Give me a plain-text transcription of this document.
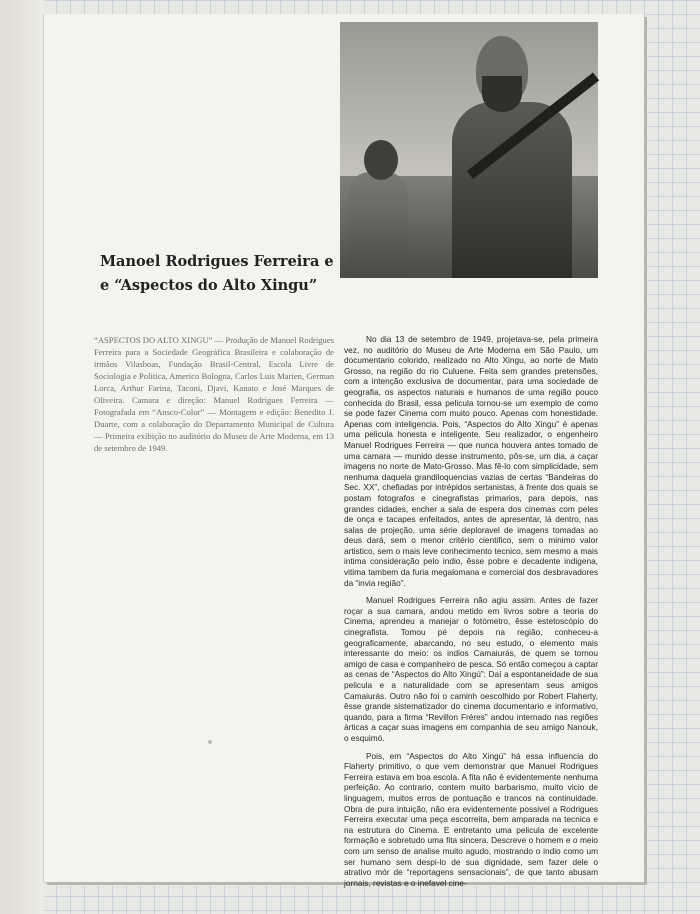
Manoel Rodrigues Ferreira e
e “Aspectos do Alto Xingu”
“ASPECTOS DO ALTO XINGU” — Produção de Manoel Rodrigues Ferreira para a Sociedade Geográfica Brasileira e colaboração de irmãos Vilasboas, Fundação Brasil-Central, Escola Livre de Sociologia e Politica, Americo Bologna, Carlos Luis Marien, German Lorca, Arthur Farina, Taconi, Djavi, Kanato e José Marques de Oliveira. Camara e direção: Manuel Rodrigues Ferreira — Fotografada em “Ansco-Color” — Montagem e edição: Benedito J. Duarte, com a colaboração do Departamento Municipal de Cultura — Primeira exibição no auditório do Museu de Arte Moderna, em 13 de setembro de 1949.

No dia 13 de setembro de 1949, projetava-se, pela primeira vez, no auditório do Museu de Arte Moderna em São Paulo, um documentario colorido, realizado no Alto Xingu, ao norte de Mato Grosso, na região do rio Culuene. Feita sem grandes pretensões, com a intenção exclusiva de documentar, para uma sociedade de geografia, os aspectos naturais e humanos de uma região pouco conhecida do Brasil, essa pelicula tornou-se um exemplo de como se pode fazer Cinema com muito pouco. Apenas com honestidade. Apenas com inteligencia. Pois, “Aspectos do Alto Xingu” é apenas uma pelicula honesta e inteligente. Seu realizador, o engenheiro Manuel Rodrigues Ferreira — que nunca houvera antes tomado de uma camara — munido desse instrumento, pôs-se, um dia, a caçar imagens no norte de Mato-Grosso. Mas fê-lo com simplicidade, sem nenhuma daquela grandiloquencias vazias de certas “Bandeiras do Sec. XX”, chefiadas por intrépidos sertanistas, à frente dos quais se postam fotografos e cinegrafistas primarios, para depois, nas grandes cidades, encher a sala de espera dos cinemas com peles de onça e tacapes enfeitados, antes de apresentar, lá dentro, nas salas de projeção, uma série deploravel de imagens tomadas ao deus dará, sem o menor critério cientifico, sem o minimo valor artistico, sem o mais leve conhecimento tecnico, sem mesmo a mais intima consideração pelo indio, êsse pobre e decadente indigena, vitima tambem da furia megalomana e comercial dos desbravadores da “invia região”.

Manuel Rodrigues Ferreira não agiu assim. Antes de fazer roçar a sua camara, andou metido em livros sobre a teoria do Cinema, aprendeu a manejar o fotómetro, êsse estetoscópio do cinegrafista. Tomou pé depois na região, conheceu-a geograficamente, abarcando, no seu estudo, o elemento mais interessante do meio: os indios Camaiurás, de quem se tornou amigo de casa e companheiro de pesca. Só então começou a captar as cenas de “Aspectos do Alto Xingú”: Daí a espontaneidade de sua pelicula e a naturalidade com se apresentam seus amigos Camaiurás. Outro não foi o caminh oescolhido por Robert Flaherty, êsse grande sistematizador do cinema documentario e informativo, quando, para a firma “Revillon Fréres” andou internado nas regiões árticas a caçar suas imagens em companhia de seu amigo Nanouk, o esquimó.

Pois, em “Aspectos do Alto Xingú” há essa influencia do Flaherty primitivo, o que vem demonstrar que Manuel Rodrigues Ferreira estava em boa escola. A fita não é evidentemente nenhuma perfeição. Ao contrario, contem muito barbarismo, muito vicio de linguagem, muitos erros de pontuação e trancos na continuidade. Obra de pura intuição, não era evidentemente possivel a Rodrigues Ferreira executar uma peça escorreita, bem amparada na tecnica e na estrutura do Cinema. E entretanto uma pelicula de excelente formação e sobretudo uma fita sincera. Descreve o homem e o meio com um senso de analise muito agudo, mostrando o indio como um ser humano sem despi-lo de sua dignidade, sem fazer dele o atrativo mór de “reportagens sensacionais”, de que tanto abusam jornais, revistas e o inefavel cine-
